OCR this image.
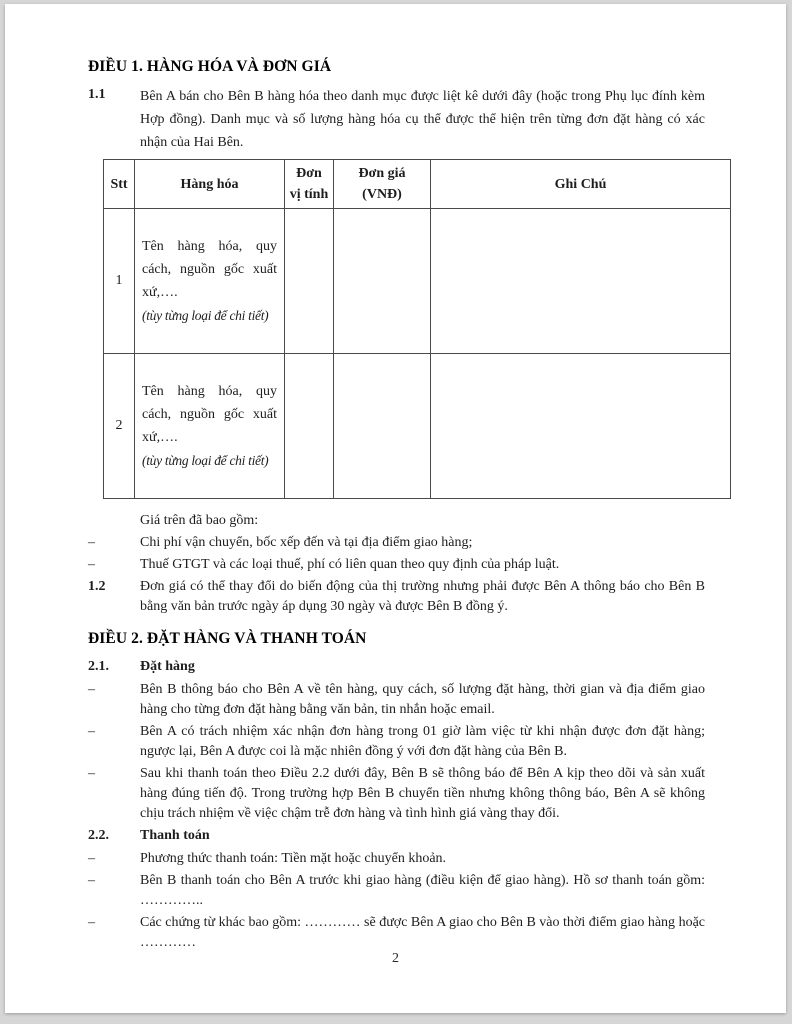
ĐIỀU 1. HÀNG HÓA VÀ ĐƠN GIÁ
1.1	Bên A bán cho Bên B hàng hóa theo danh mục được liệt kê dưới đây (hoặc trong Phụ lục đính kèm Hợp đồng). Danh mục và số lượng hàng hóa cụ thể được thể hiện trên từng đơn đặt hàng có xác nhận của Hai Bên.
Stt	Hàng hóa	Đơn vị tính	Đơn giá (VNĐ)	Ghi Chú
1	Tên hàng hóa, quy cách, nguồn gốc xuất xứ,….
(tùy từng loại để chi tiết)			

2	Tên hàng hóa, quy cách, nguồn gốc xuất xứ,….
(tùy từng loại để chi tiết)			

Giá trên đã bao gồm:
–	Chi phí vận chuyển, bốc xếp đến và tại địa điểm giao hàng;
–	Thuế GTGT và các loại thuế, phí có liên quan theo quy định của pháp luật.
1.2	Đơn giá có thể thay đổi do biến động của thị trường nhưng phải được Bên A thông báo cho Bên B bằng văn bản trước ngày áp dụng 30 ngày và được Bên B đồng ý.
ĐIỀU 2. ĐẶT HÀNG VÀ THANH TOÁN
2.1.	Đặt hàng
–	Bên B thông báo cho Bên A về tên hàng, quy cách, số lượng đặt hàng, thời gian và địa điểm giao hàng cho từng đơn đặt hàng bằng văn bản, tin nhắn hoặc email.
–	Bên A có trách nhiệm xác nhận đơn hàng trong 01 giờ làm việc từ khi nhận được đơn đặt hàng; ngược lại, Bên A được coi là mặc nhiên đồng ý với đơn đặt hàng của Bên B.
–	Sau khi thanh toán theo Điều 2.2 dưới đây, Bên B sẽ thông báo để Bên A kịp theo dõi và sản xuất hàng đúng tiến độ. Trong trường hợp Bên B chuyển tiền nhưng không thông báo, Bên A sẽ không chịu trách nhiệm về việc chậm trễ đơn hàng và tình hình giá vàng thay đổi.
2.2.	Thanh toán
–	Phương thức thanh toán: Tiền mặt hoặc chuyển khoản.
–	Bên B thanh toán cho Bên A trước khi giao hàng (điều kiện để giao hàng). Hồ sơ thanh toán gồm: …………..
–	Các chứng từ khác bao gồm: ………… sẽ được Bên A giao cho Bên B vào thời điểm giao hàng hoặc …………
2
